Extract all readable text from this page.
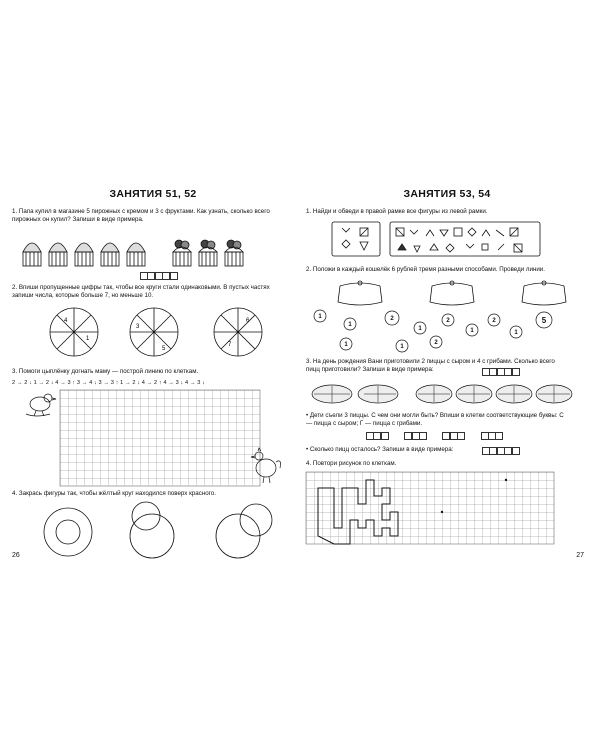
ЗАНЯТИЯ 51, 52
1. Папа купил в магазине 5 пирожных с кремом и 3 с фруктами. Как узнать, сколько всего пирожных он купил? Запиши в виде примера.
2. Впиши пропущенные цифры так, чтобы все круги стали одинаковыми. В пустых частях запиши числа, которые больше 7, но меньше 10.
4
1
3
5
6
7
3. Помоги цыплёнку догнать маму — построй линию по клеткам.
2 → 2 ↓ 1 → 2 ↓ 4 → 3 ↑ 3 → 4 ↓ 3 → 3 ↑ 1 → 2 ↓ 4 → 2 ↑ 4 → 3 ↓ 4 → 3 ↓
4. Закрась фигуры так, чтобы жёлтый круг находился поверх красного.
26
ЗАНЯТИЯ 53, 54
1. Найди и обведи в правой рамке все фигуры из левой рамки.
2. Положи в каждый кошелёк 6 рублей тремя разными способами. Проведи линии.
1
1
2
1
2
1
2
1
5
1	1
2
3. На день рождения Вани приготовили 2 пиццы с сыром и 4 с грибами. Сколько всего пицц приготовили? Запиши в виде примера:
• Дети съели 3 пиццы. С чем они могли быть? Впиши в клетки соответствующие буквы: С — пицца с сыром; Г — пицца с грибами.
• Сколько пицц осталось? Запиши в виде примера:
4. Повтори рисунок по клеткам.
27
